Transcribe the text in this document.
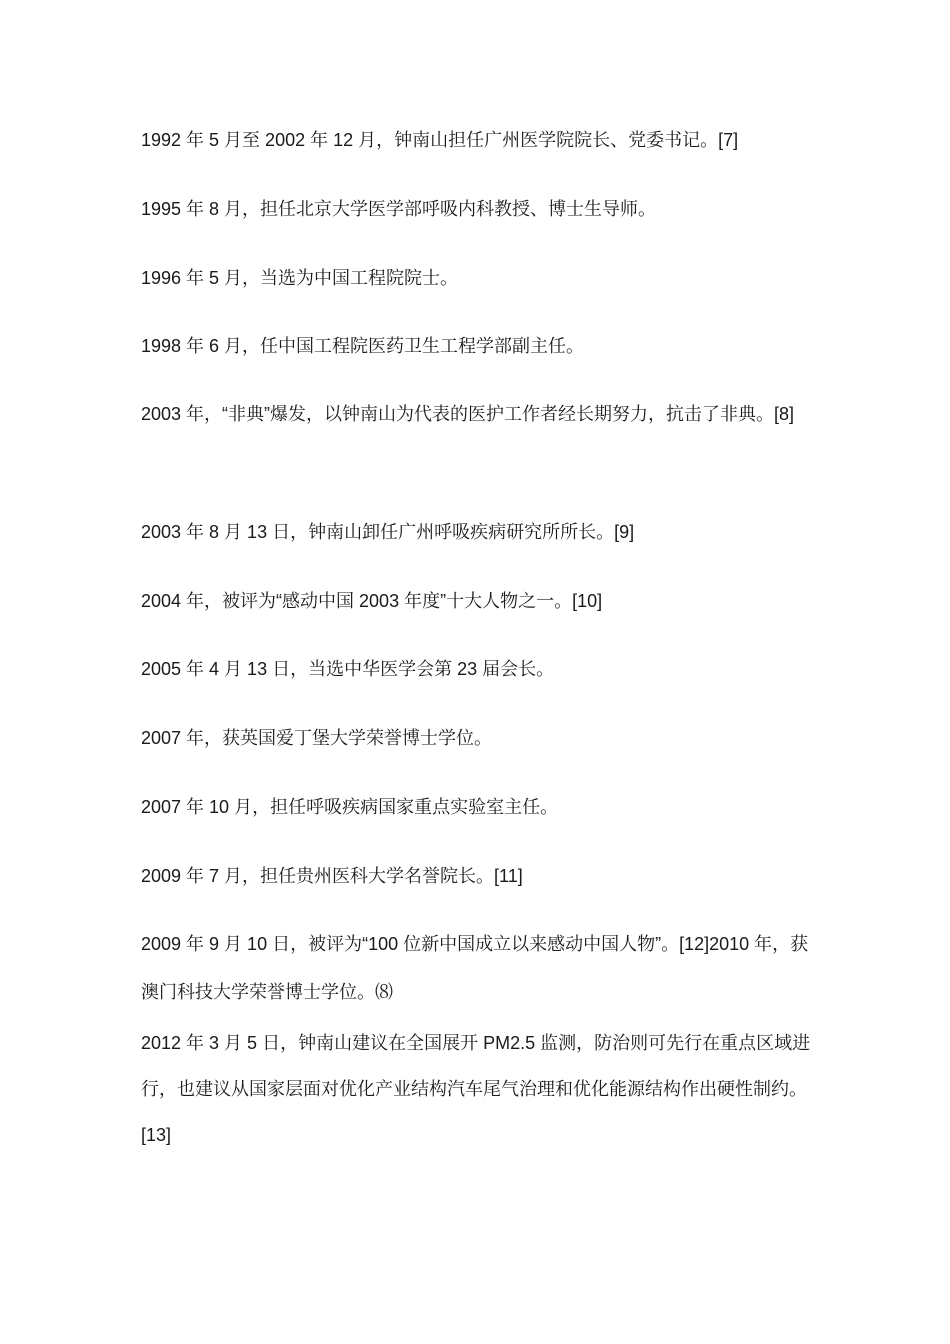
1992 年 5 月至 2002 年 12 月，钟南山担任广州医学院院长、党委书记。[7]

1995 年 8 月，担任北京大学医学部呼吸内科教授、博士生导师。

1996 年 5 月，当选为中国工程院院士。

1998 年 6 月，任中国工程院医药卫生工程学部副主任。

2003 年，“非典”爆发，以钟南山为代表的医护工作者经长期努力，抗击了非典。[8]

2003 年 8 月 13 日，钟南山卸任广州呼吸疾病研究所所长。[9]

2004 年，被评为“感动中国 2003 年度”十大人物之一。[10]

2005 年 4 月 13 日，当选中华医学会第 23 届会长。

2007 年，获英国爱丁堡大学荣誉博士学位。

2007 年 10 月，担任呼吸疾病国家重点实验室主任。

2009 年 7 月，担任贵州医科大学名誉院长。[11]

2009 年 9 月 10 日，被评为“100 位新中国成立以来感动中国人物”。[12]2010 年，获澳门科技大学荣誉博士学位。⑻

2012 年 3 月 5 日，钟南山建议在全国展开 PM2.5 监测，防治则可先行在重点区域进行，也建议从国家层面对优化产业结构汽车尾气治理和优化能源结构作出硬性制约。[13]
